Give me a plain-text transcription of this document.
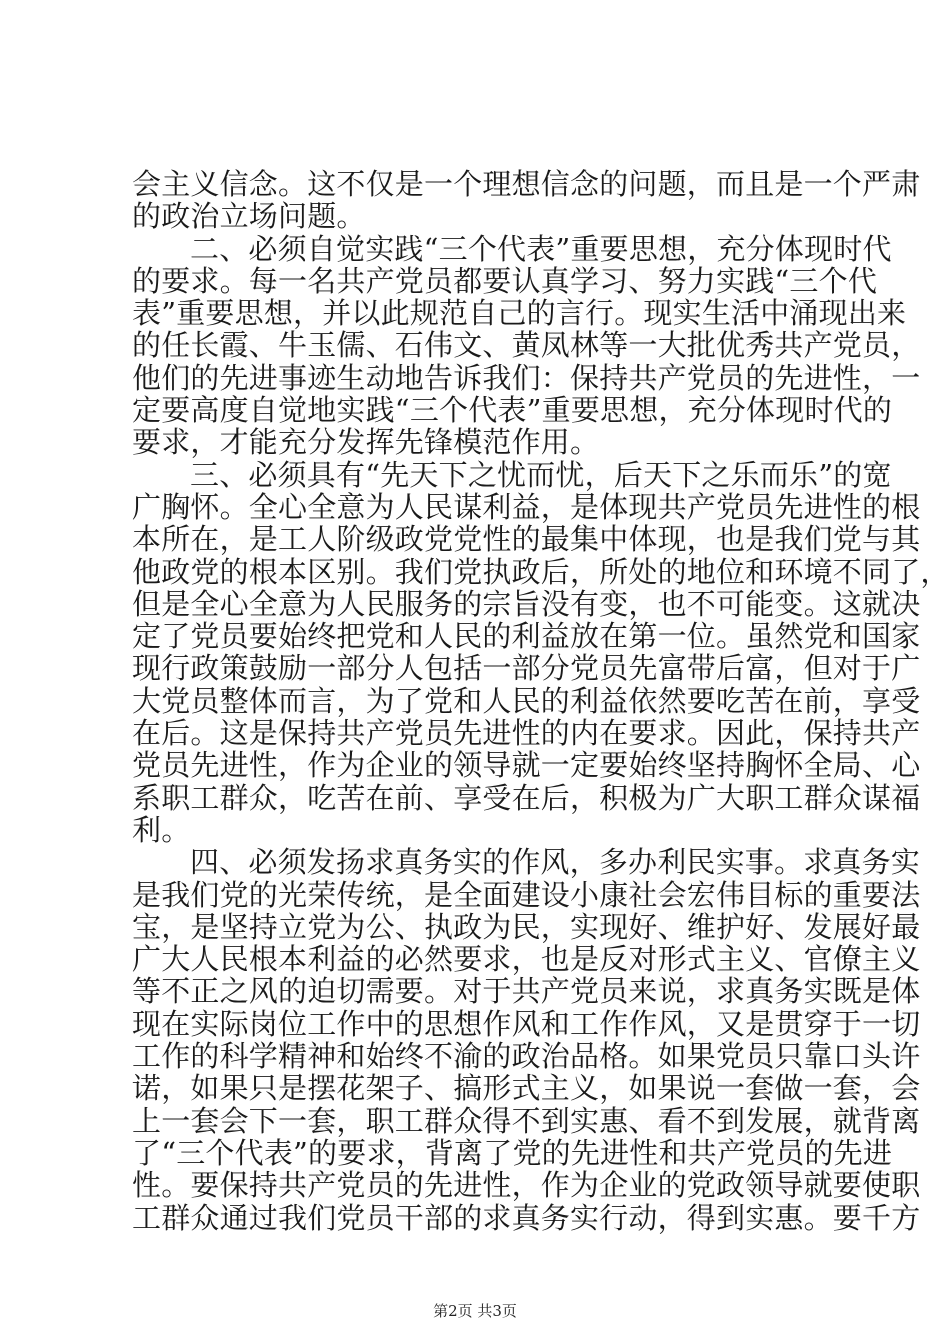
会主义信念。这不仅是一个理想信念的问题，而且是一个严肃
的政治立场问题。
二、必须自觉实践“三个代表”重要思想，充分体现时代
的要求。每一名共产党员都要认真学习、努力实践“三个代
表”重要思想，并以此规范自己的言行。现实生活中涌现出来
的任长霞、牛玉儒、石伟文、黄凤林等一大批优秀共产党员，
他们的先进事迹生动地告诉我们：保持共产党员的先进性，一
定要高度自觉地实践“三个代表”重要思想，充分体现时代的
要求，才能充分发挥先锋模范作用。
三、必须具有“先天下之忧而忧，后天下之乐而乐”的宽
广胸怀。全心全意为人民谋利益，是体现共产党员先进性的根
本所在，是工人阶级政党党性的最集中体现，也是我们党与其
他政党的根本区别。我们党执政后，所处的地位和环境不同了，
但是全心全意为人民服务的宗旨没有变，也不可能变。这就决
定了党员要始终把党和人民的利益放在第一位。虽然党和国家
现行政策鼓励一部分人包括一部分党员先富带后富，但对于广
大党员整体而言，为了党和人民的利益依然要吃苦在前，享受
在后。这是保持共产党员先进性的内在要求。因此，保持共产
党员先进性，作为企业的领导就一定要始终坚持胸怀全局、心
系职工群众，吃苦在前、享受在后，积极为广大职工群众谋福
利。
四、必须发扬求真务实的作风，多办利民实事。求真务实
是我们党的光荣传统，是全面建设小康社会宏伟目标的重要法
宝，是坚持立党为公、执政为民，实现好、维护好、发展好最
广大人民根本利益的必然要求，也是反对形式主义、官僚主义
等不正之风的迫切需要。对于共产党员来说，求真务实既是体
现在实际岗位工作中的思想作风和工作作风，又是贯穿于一切
工作的科学精神和始终不渝的政治品格。如果党员只靠口头许
诺，如果只是摆花架子、搞形式主义，如果说一套做一套，会
上一套会下一套，职工群众得不到实惠、看不到发展，就背离
了“三个代表”的要求，背离了党的先进性和共产党员的先进
性。要保持共产党员的先进性，作为企业的党政领导就要使职
工群众通过我们党员干部的求真务实行动，得到实惠。要千方
第2页 共3页
